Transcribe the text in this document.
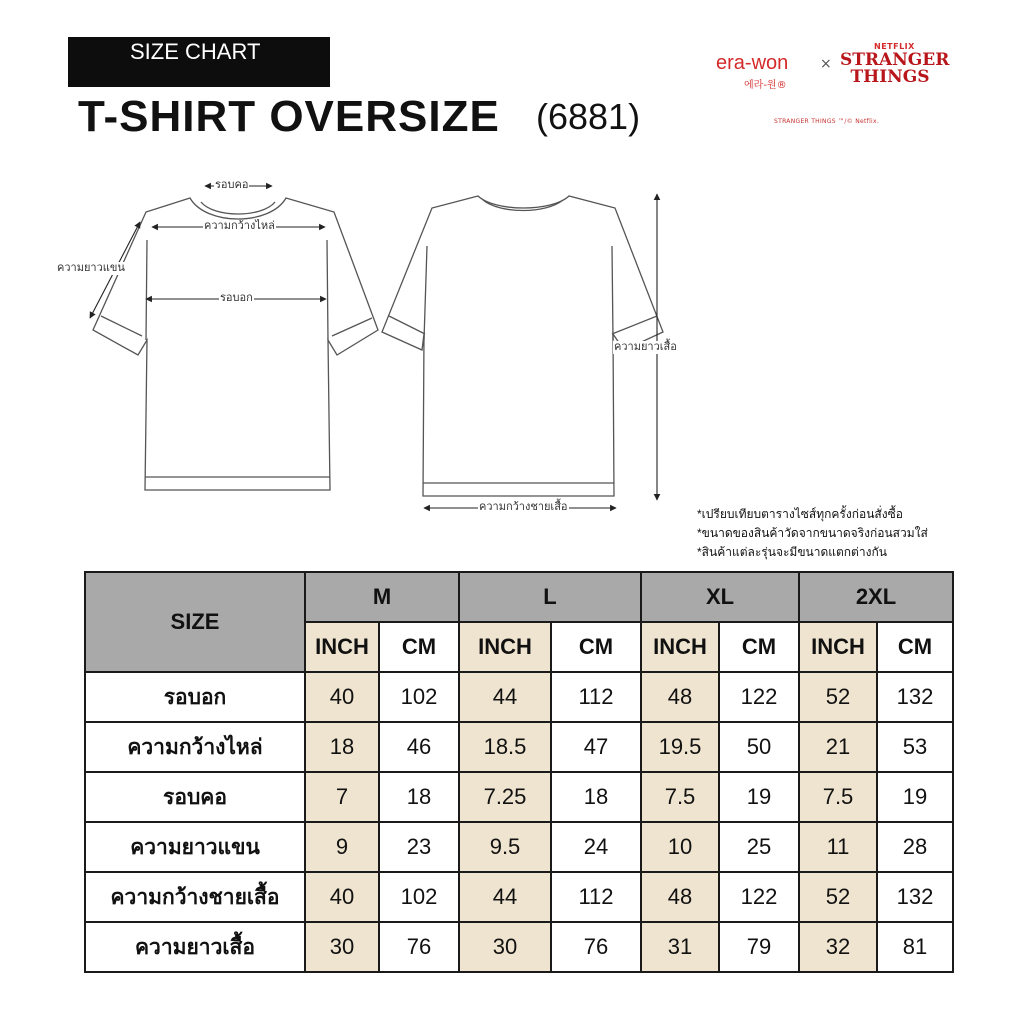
SIZE CHART
T-SHIRT OVERSIZE (6881)
era-won
에라-원®
×
NETFLIX
STRANGER
THINGS
STRANGER THINGS ™/© Netflix.
รอบคอ
ความกว้างไหล่
ความยาวแขน
รอบอก
ความยาวเสื้อ
ความกว้างชายเสื้อ	*เปรียบเทียบตารางไซส์ทุกครั้งก่อนสั่งซื้อ
*ขนาดของสินค้าวัดจากขนาดจริงก่อนสวมใส่
*สินค้าแต่ละรุ่นจะมีขนาดแตกต่างกัน
SIZE	M		L		XL		2XL	
	INCH	CM	INCH	CM	INCH	CM	INCH	CM
รอบอก	40	102	44	112	48	122	52	132
ความกว้างไหล่	18	46	18.5	47	19.5	50	21	53
รอบคอ	7	18	7.25	18	7.5	19	7.5	19
ความยาวแขน	9	23	9.5	24	10	25	11	28
ความกว้างชายเสื้อ	40	102	44	112	48	122	52	132
ความยาวเสื้อ	30	76	30	76	31	79	32	81
